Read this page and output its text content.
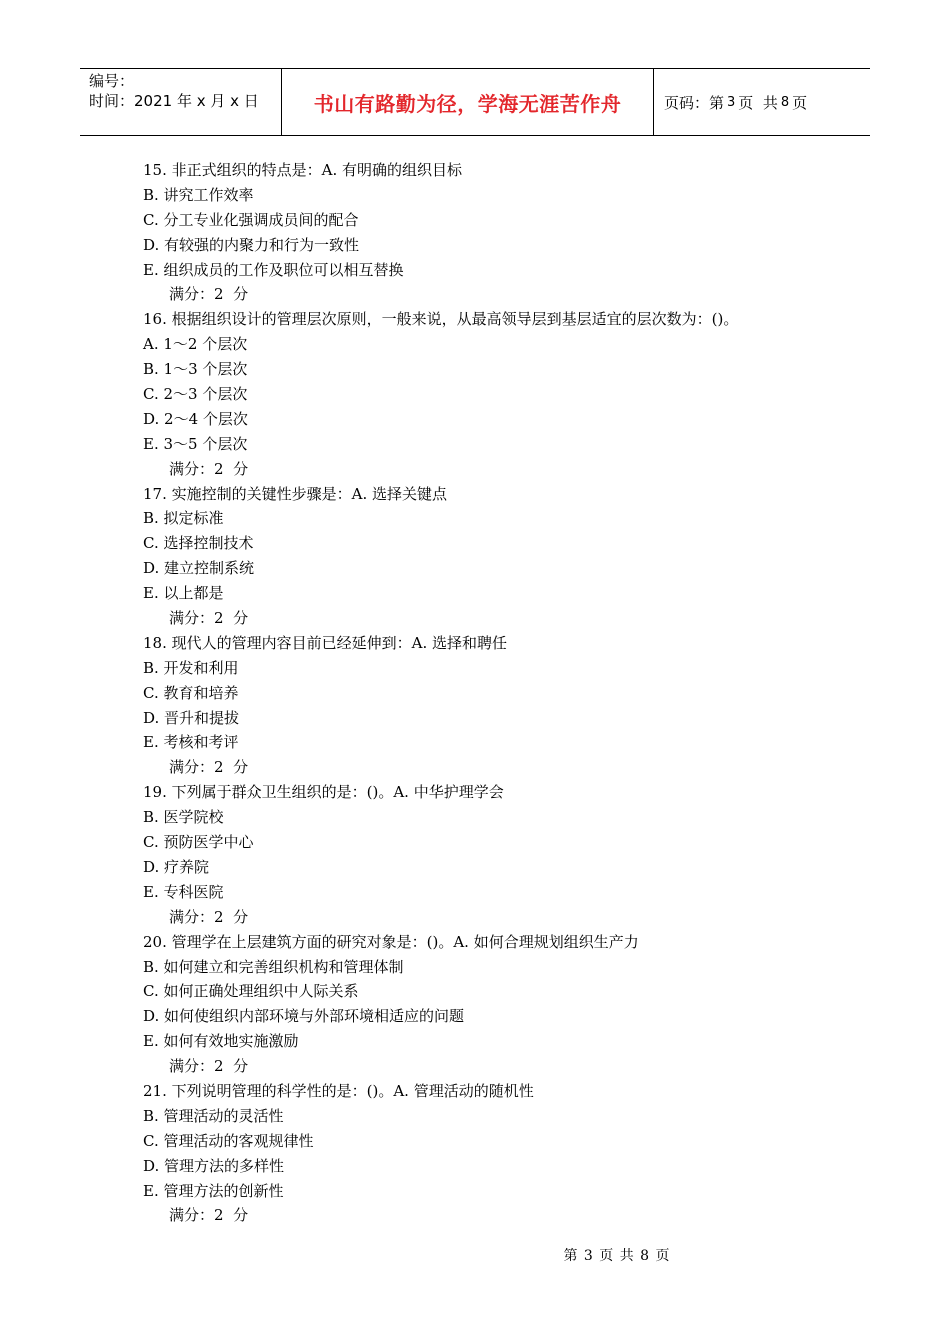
编号：
时间：2021 年 x 月 x 日	书山有路勤为径，学海无涯苦作舟	页码：第 3 页  共 8 页
15. 非正式组织的特点是：A. 有明确的组织目标
B. 讲究工作效率
C. 分工专业化强调成员间的配合
D. 有较强的内聚力和行为一致性
E. 组织成员的工作及职位可以相互替换
满分：2  分
16. 根据组织设计的管理层次原则，一般来说，从最高领导层到基层适宜的层次数为：()。
A. 1～2 个层次
B. 1～3 个层次
C. 2～3 个层次
D. 2～4 个层次
E. 3～5 个层次
满分：2  分
17. 实施控制的关键性步骤是：A. 选择关键点
B. 拟定标准
C. 选择控制技术
D. 建立控制系统
E. 以上都是
满分：2  分
18. 现代人的管理内容目前已经延伸到：A. 选择和聘任
B. 开发和利用
C. 教育和培养
D. 晋升和提拔
E. 考核和考评
满分：2  分
19. 下列属于群众卫生组织的是：()。A. 中华护理学会
B. 医学院校
C. 预防医学中心
D. 疗养院
E. 专科医院
满分：2  分
20. 管理学在上层建筑方面的研究对象是：()。A. 如何合理规划组织生产力
B. 如何建立和完善组织机构和管理体制
C. 如何正确处理组织中人际关系
D. 如何使组织内部环境与外部环境相适应的问题
E. 如何有效地实施激励
满分：2  分
21. 下列说明管理的科学性的是：()。A. 管理活动的随机性
B. 管理活动的灵活性
C. 管理活动的客观规律性
D. 管理方法的多样性
E. 管理方法的创新性
满分：2  分
第 3 页 共 8 页
